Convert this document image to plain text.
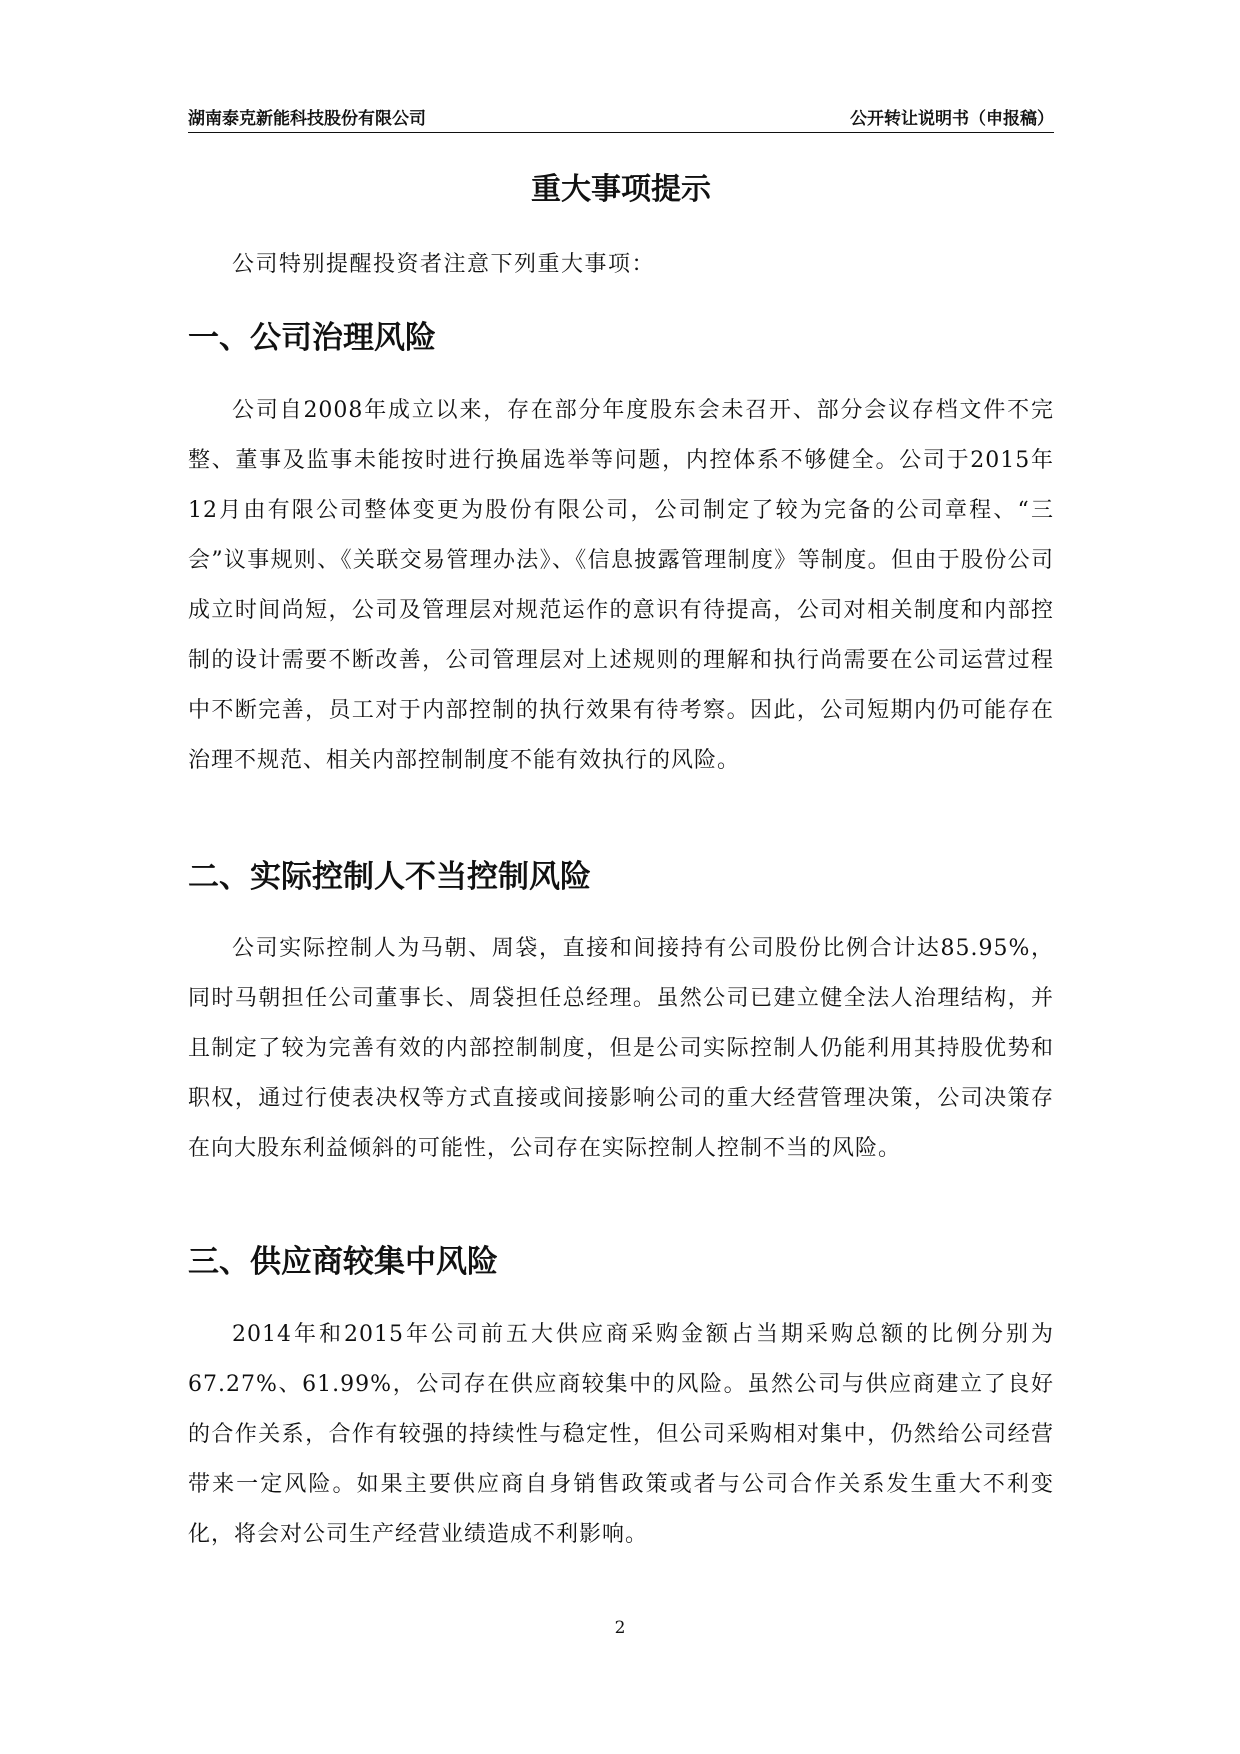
湖南泰克新能科技股份有限公司	公开转让说明书（申报稿）
重大事项提示
公司特别提醒投资者注意下列重大事项：
一、公司治理风险
公司自2008年成立以来，存在部分年度股东会未召开、部分会议存档文件不完整、董事及监事未能按时进行换届选举等问题，内控体系不够健全。公司于2015年12月由有限公司整体变更为股份有限公司，公司制定了较为完备的公司章程、“三会”议事规则、《关联交易管理办法》、《信息披露管理制度》等制度。但由于股份公司成立时间尚短，公司及管理层对规范运作的意识有待提高，公司对相关制度和内部控制的设计需要不断改善，公司管理层对上述规则的理解和执行尚需要在公司运营过程中不断完善，员工对于内部控制的执行效果有待考察。因此，公司短期内仍可能存在治理不规范、相关内部控制制度不能有效执行的风险。
二、实际控制人不当控制风险
公司实际控制人为马朝、周袋，直接和间接持有公司股份比例合计达85.95%，同时马朝担任公司董事长、周袋担任总经理。虽然公司已建立健全法人治理结构，并且制定了较为完善有效的内部控制制度，但是公司实际控制人仍能利用其持股优势和职权，通过行使表决权等方式直接或间接影响公司的重大经营管理决策，公司决策存在向大股东利益倾斜的可能性，公司存在实际控制人控制不当的风险。
三、供应商较集中风险
2014年和2015年公司前五大供应商采购金额占当期采购总额的比例分别为67.27%、61.99%，公司存在供应商较集中的风险。虽然公司与供应商建立了良好的合作关系，合作有较强的持续性与稳定性，但公司采购相对集中，仍然给公司经营带来一定风险。如果主要供应商自身销售政策或者与公司合作关系发生重大不利变化，将会对公司生产经营业绩造成不利影响。
2
